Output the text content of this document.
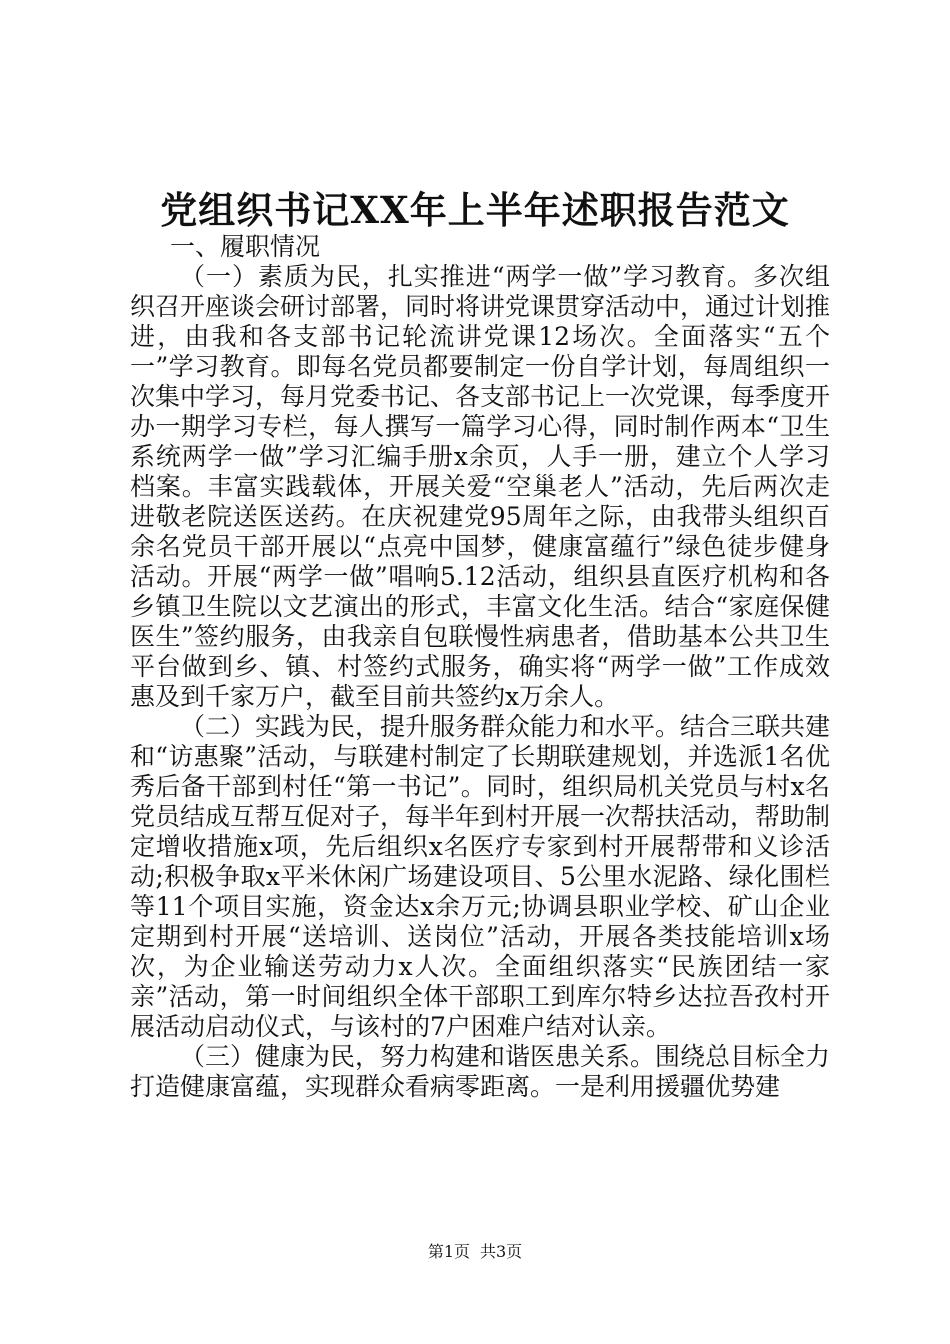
党组织书记XX年上半年述职报告范文

一、履职情况

（一）素质为民，扎实推进“两学一做”学习教育。多次组织召开座谈会研讨部署，同时将讲党课贯穿活动中，通过计划推进，由我和各支部书记轮流讲党课12场次。全面落实“五个一”学习教育。即每名党员都要制定一份自学计划，每周组织一次集中学习，每月党委书记、各支部书记上一次党课，每季度开办一期学习专栏，每人撰写一篇学习心得，同时制作两本“卫生系统两学一做”学习汇编手册x余页，人手一册，建立个人学习档案。丰富实践载体，开展关爱“空巢老人”活动，先后两次走进敬老院送医送药。在庆祝建党95周年之际，由我带头组织百余名党员干部开展以“点亮中国梦，健康富蕴行”绿色徒步健身活动。开展“两学一做”唱响5.12活动，组织县直医疗机构和各乡镇卫生院以文艺演出的形式，丰富文化生活。结合“家庭保健医生”签约服务，由我亲自包联慢性病患者，借助基本公共卫生平台做到乡、镇、村签约式服务，确实将“两学一做”工作成效惠及到千家万户，截至目前共签约x万余人。

（二）实践为民，提升服务群众能力和水平。结合三联共建和“访惠聚”活动，与联建村制定了长期联建规划，并选派1名优秀后备干部到村任“第一书记”。同时，组织局机关党员与村x名党员结成互帮互促对子，每半年到村开展一次帮扶活动，帮助制定增收措施x项，先后组织x名医疗专家到村开展帮带和义诊活动;积极争取x平米休闲广场建设项目、5公里水泥路、绿化围栏等11个项目实施，资金达x余万元;协调县职业学校、矿山企业定期到村开展“送培训、送岗位”活动，开展各类技能培训x场次，为企业输送劳动力x人次。全面组织落实“民族团结一家亲”活动，第一时间组织全体干部职工到库尔特乡达拉吾孜村开展活动启动仪式，与该村的7户困难户结对认亲。

（三）健康为民，努力构建和谐医患关系。围绕总目标全力打造健康富蕴，实现群众看病零距离。一是利用援疆优势建

第1页 共3页
